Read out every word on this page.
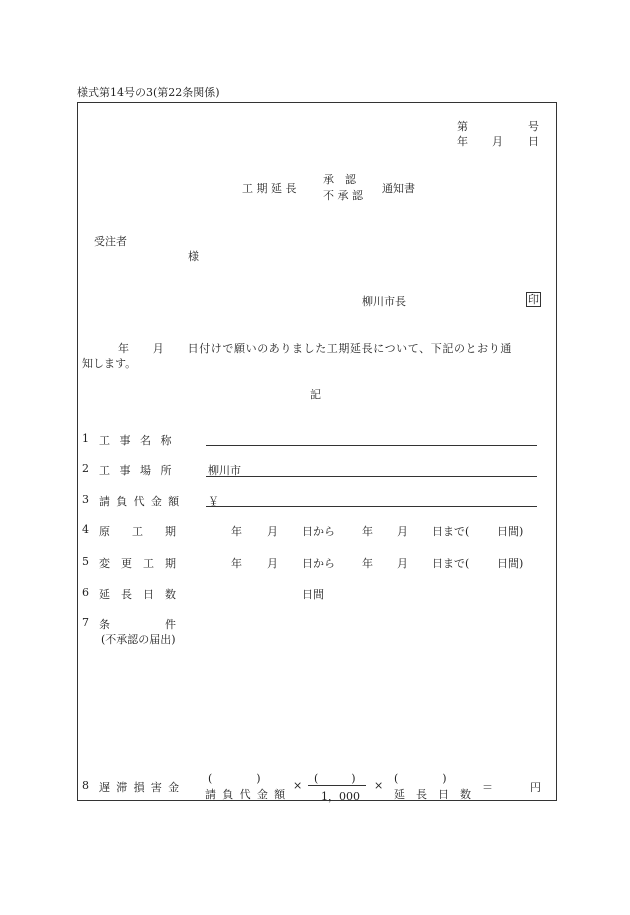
様式第14号の3(第22条関係)
第	号
年 月 日
工 期 延 長
承　認
不 承 認
通知書
受注者
様
柳川市長	印
年　　月　　日付けで願いのありました工期延長について、下記のとおり通
知します。
記
1 工 事 名 称
2 工 事 場 所	柳川市
3 請 負 代 金 額 ￥
4 原　　工　　期	年 月 日から 年 月 日まで(	日間)
5 変　更　工　期	年 月 日から 年 月 日まで(	日間)
6 延　長　日　数	日間
7 条　　　　　件
(不承認の届出)
8 遅 滞 損 害 金
(　　　　)
請 負 代 金 額
×
(　　　)
1，000
×
(　　　　)
延　長　日　数
＝	円
